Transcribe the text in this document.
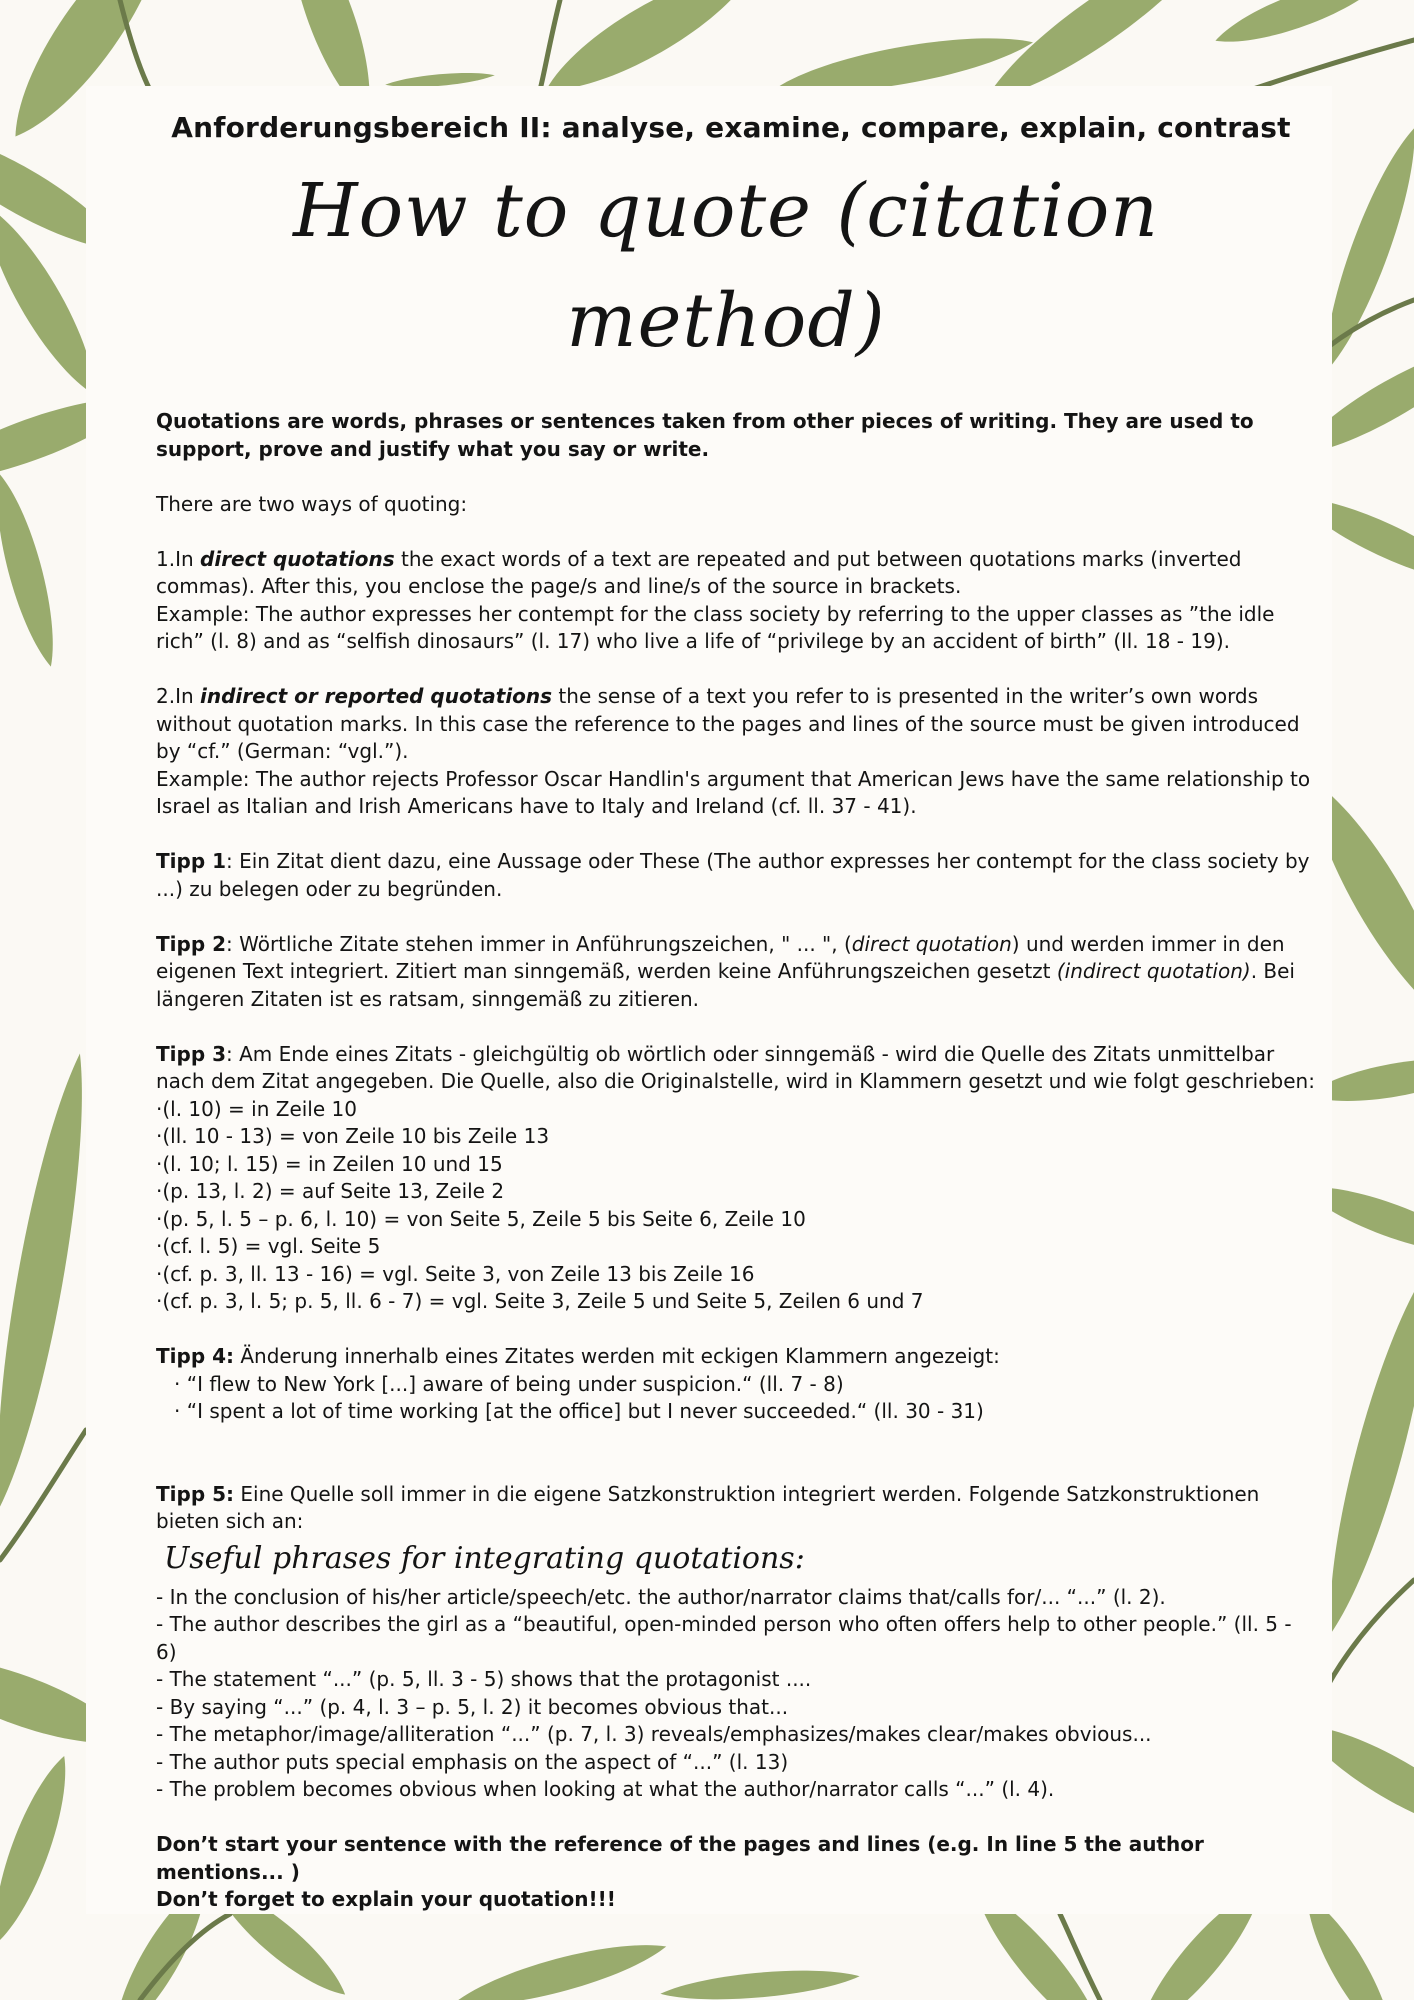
Anforderungsbereich II: analyse, examine, compare, explain, contrast
How to quote (citation method)

Quotations are words, phrases or sentences taken from other pieces of writing. They are used to support, prove and justify what you say or write.

There are two ways of quoting:

1.In direct quotations the exact words of a text are repeated and put between quotations marks (inverted commas). After this, you enclose the page/s and line/s of the source in brackets.
Example: The author expresses her contempt for the class society by referring to the upper classes as ”the idle rich” (l. 8) and as “selfish dinosaurs” (l. 17) who live a life of “privilege by an accident of birth” (ll. 18 - 19).

2.In indirect or reported quotations the sense of a text you refer to is presented in the writer’s own words without quotation marks. In this case the reference to the pages and lines of the source must be given introduced by “cf.” (German: “vgl.”).
Example: The author rejects Professor Oscar Handlin's argument that American Jews have the same relationship to Israel as Italian and Irish Americans have to Italy and Ireland (cf. ll. 37 - 41).

Tipp 1: Ein Zitat dient dazu, eine Aussage oder These (The author expresses her contempt for the class society by ...) zu belegen oder zu begründen.

Tipp 2: Wörtliche Zitate stehen immer in Anführungszeichen, " ... ", (direct quotation) und werden immer in den eigenen Text integriert. Zitiert man sinngemäß, werden keine Anführungszeichen gesetzt (indirect quotation). Bei längeren Zitaten ist es ratsam, sinngemäß zu zitieren.

Tipp 3: Am Ende eines Zitats - gleichgültig ob wörtlich oder sinngemäß - wird die Quelle des Zitats unmittelbar nach dem Zitat angegeben. Die Quelle, also die Originalstelle, wird in Klammern gesetzt und wie folgt geschrieben:

·(l. 10) = in Zeile 10
·(ll. 10 - 13) = von Zeile 10 bis Zeile 13
·(l. 10; l. 15) = in Zeilen 10 und 15
·(p. 13, l. 2) = auf Seite 13, Zeile 2
·(p. 5, l. 5 – p. 6, l. 10) = von Seite 5, Zeile 5 bis Seite 6, Zeile 10
·(cf. l. 5) = vgl. Seite 5
·(cf. p. 3, ll. 13 - 16) = vgl. Seite 3, von Zeile 13 bis Zeile 16
·(cf. p. 3, l. 5; p. 5, ll. 6 - 7) = vgl. Seite 3, Zeile 5 und Seite 5, Zeilen 6 und 7

Tipp 4: Änderung innerhalb eines Zitates werden mit eckigen Klammern angezeigt:

· “I flew to New York [...] aware of being under suspicion.“ (ll. 7 - 8)
· “I spent a lot of time working [at the office] but I never succeeded.“ (ll. 30 - 31)

Tipp 5: Eine Quelle soll immer in die eigene Satzkonstruktion integriert werden. Folgende Satzkonstruktionen bieten sich an:

Useful phrases for integrating quotations:
- In the conclusion of his/her article/speech/etc. the author/narrator claims that/calls for/... “...” (l. 2).
- The author describes the girl as a “beautiful, open-minded person who often offers help to other people.” (ll. 5 - 6)
- The statement “...” (p. 5, ll. 3 - 5) shows that the protagonist ....
- By saying “...” (p. 4, l. 3 – p. 5, l. 2) it becomes obvious that...
- The metaphor/image/alliteration “...” (p. 7, l. 3) reveals/emphasizes/makes clear/makes obvious...
- The author puts special emphasis on the aspect of “...” (l. 13)
- The problem becomes obvious when looking at what the author/narrator calls “...” (l. 4).

Don’t start your sentence with the reference of the pages and lines (e.g. In line 5 the author mentions... )

Don’t forget to explain your quotation!!!
